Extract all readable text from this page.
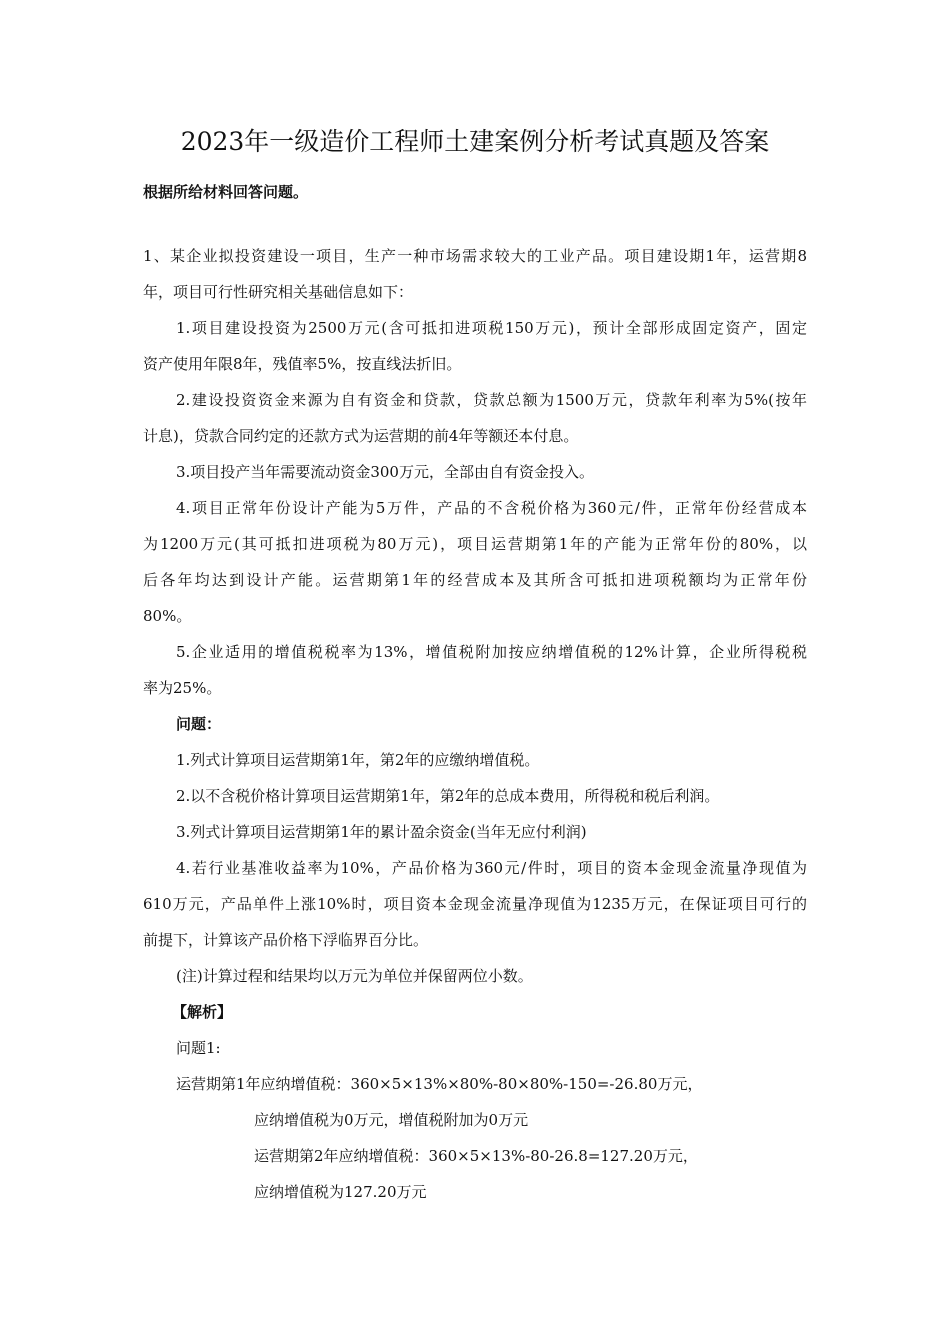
2023年一级造价工程师土建案例分析考试真题及答案
根据所给材料回答问题。
1、某企业拟投资建设一项目，生产一种市场需求较大的工业产品。项目建设期1年，运营期8
年，项目可行性研究相关基础信息如下：
1.项目建设投资为2500万元(含可抵扣进项税150万元)，预计全部形成固定资产，固定
资产使用年限8年，残值率5%，按直线法折旧。
2.建设投资资金来源为自有资金和贷款，贷款总额为1500万元，贷款年利率为5%(按年
计息)，贷款合同约定的还款方式为运营期的前4年等额还本付息。
3.项目投产当年需要流动资金300万元，全部由自有资金投入。
4.项目正常年份设计产能为5万件，产品的不含税价格为360元/件，正常年份经营成本
为1200万元(其可抵扣进项税为80万元)，项目运营期第1年的产能为正常年份的80%，以
后各年均达到设计产能。运营期第1年的经营成本及其所含可抵扣进项税额均为正常年份
80%。
5.企业适用的增值税税率为13%，增值税附加按应纳增值税的12%计算，企业所得税税
率为25%。
问题：
1.列式计算项目运营期第1年，第2年的应缴纳增值税。
2.以不含税价格计算项目运营期第1年，第2年的总成本费用，所得税和税后利润。
3.列式计算项目运营期第1年的累计盈余资金(当年无应付利润)
4.若行业基准收益率为10%，产品价格为360元/件时，项目的资本金现金流量净现值为
610万元，产品单件上涨10%时，项目资本金现金流量净现值为1235万元，在保证项目可行的
前提下，计算该产品价格下浮临界百分比。
(注)计算过程和结果均以万元为单位并保留两位小数。
【解析】
问题1:
运营期第1年应纳增值税：360×5×13%×80%-80×80%-150=-26.80万元，
应纳增值税为0万元，增值税附加为0万元
运营期第2年应纳增值税：360×5×13%-80-26.8=127.20万元，
应纳增值税为127.20万元
